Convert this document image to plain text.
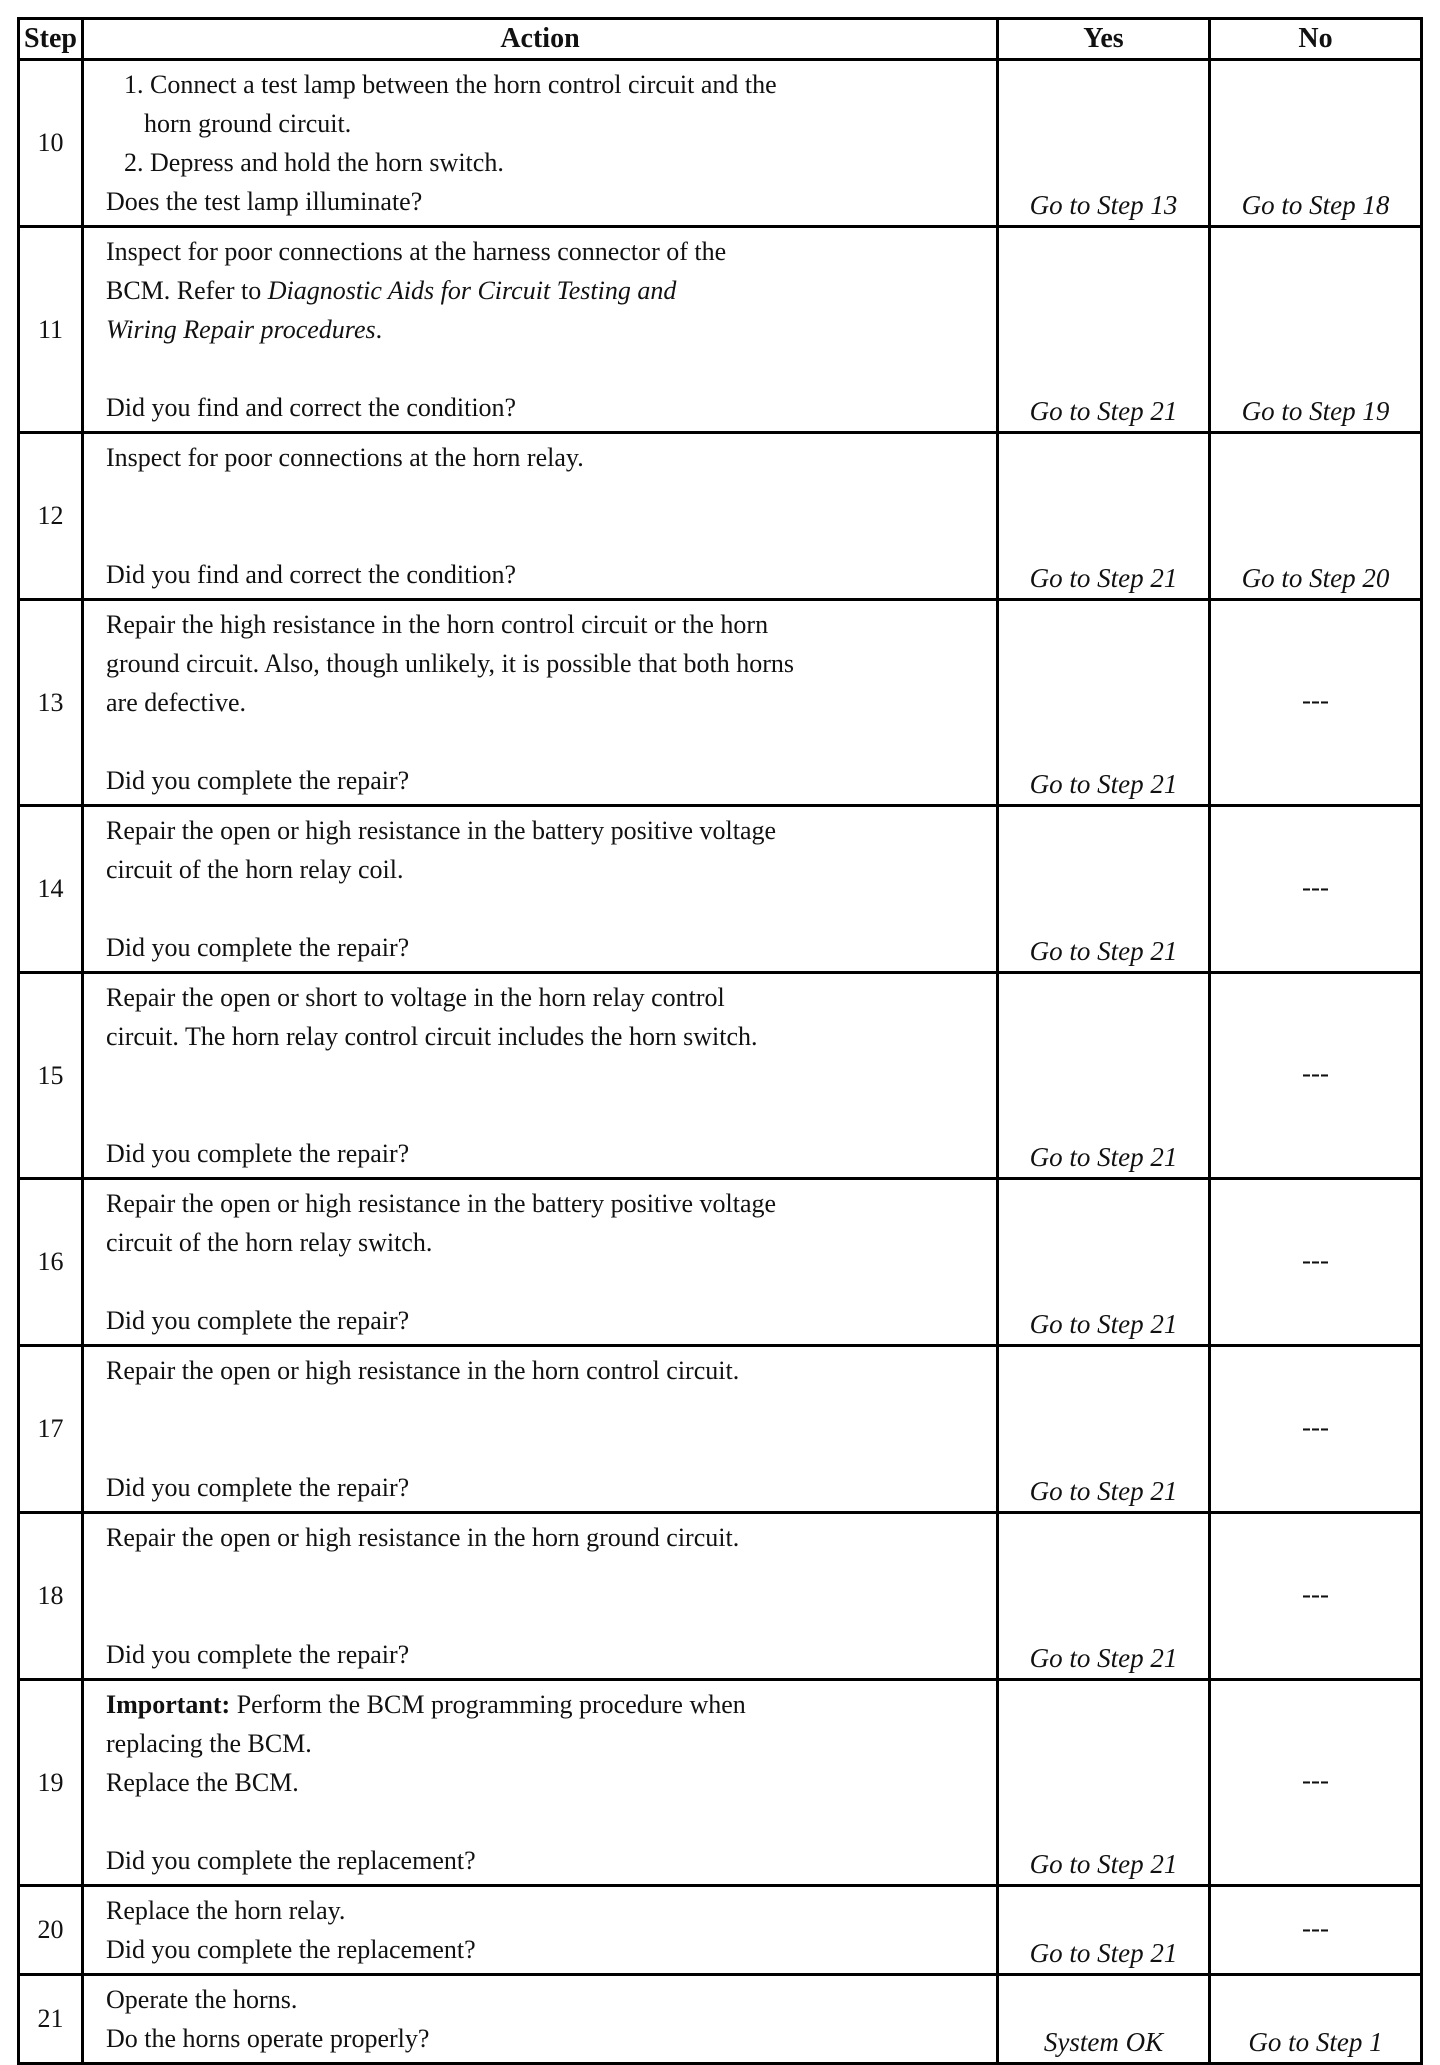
Step	Action	Yes	No
10	1. Connect a test lamp between the horn control circuit and the
horn ground circuit.
2. Depress and hold the horn switch.
Does the test lamp illuminate?	Go to Step 13	Go to Step 18
11	Inspect for poor connections at the harness connector of the
BCM. Refer to Diagnostic Aids for Circuit Testing and
Wiring Repair procedures.
Did you find and correct the condition?	Go to Step 21	Go to Step 19
12	Inspect for poor connections at the horn relay.
Did you find and correct the condition?	Go to Step 21	Go to Step 20
13	Repair the high resistance in the horn control circuit or the horn
ground circuit. Also, though unlikely, it is possible that both horns
are defective.
Did you complete the repair?	Go to Step 21	---
14	Repair the open or high resistance in the battery positive voltage
circuit of the horn relay coil.
Did you complete the repair?	Go to Step 21	---
15	Repair the open or short to voltage in the horn relay control
circuit. The horn relay control circuit includes the horn switch.
Did you complete the repair?	Go to Step 21	---
16	Repair the open or high resistance in the battery positive voltage
circuit of the horn relay switch.
Did you complete the repair?	Go to Step 21	---
17	Repair the open or high resistance in the horn control circuit.
Did you complete the repair?	Go to Step 21	---
18	Repair the open or high resistance in the horn ground circuit.
Did you complete the repair?	Go to Step 21	---
19	Important: Perform the BCM programming procedure when
replacing the BCM.
Replace the BCM.
Did you complete the replacement?	Go to Step 21	---
20	Replace the horn relay.
Did you complete the replacement?	Go to Step 21	---
21	Operate the horns.
Do the horns operate properly?	System OK	Go to Step 1
